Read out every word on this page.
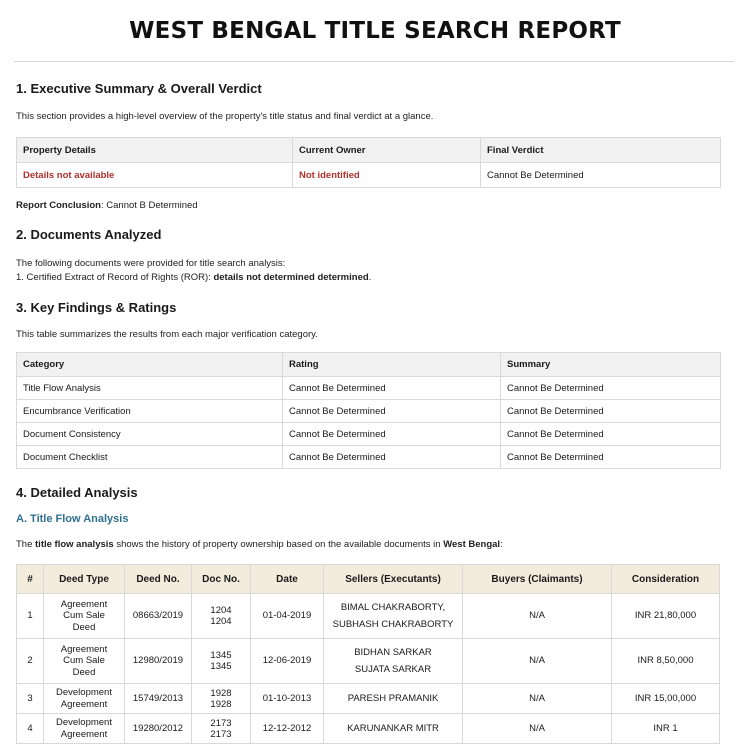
WEST BENGAL TITLE SEARCH REPORT
1. Executive Summary & Overall Verdict
This section provides a high-level overview of the property's title status and final verdict at a glance.
Property Details	Current Owner	Final Verdict
Details not available	Not identified	Cannot Be Determined
Report Conclusion: Cannot B Determined
2. Documents Analyzed
The following documents were provided for title search analysis:
1. Certified Extract of Record of Rights (ROR): details not determined determined.
3. Key Findings & Ratings
This table summarizes the results from each major verification category.
Category	Rating	Summary
Title Flow Analysis	Cannot Be Determined	Cannot Be Determined
Encumbrance Verification	Cannot Be Determined	Cannot Be Determined
Document Consistency	Cannot Be Determined	Cannot Be Determined
Document Checklist	Cannot Be Determined	Cannot Be Determined
4. Detailed Analysis
A. Title Flow Analysis
The title flow analysis shows the history of property ownership based on the available documents in West Bengal:
#	Deed Type	Deed No.	Doc No.	Date	Sellers (Executants)	Buyers (Claimants)	Consideration
1	Agreement
Cum Sale
Deed	08663/2019	1204
1204	01-04-2019	BIMAL CHAKRABORTY,
SUBHASH CHAKRABORTY	N/A	INR 21,80,000
2	Agreement
Cum Sale
Deed	12980/2019	1345
1345	12-06-2019	BIDHAN SARKAR
SUJATA SARKAR	N/A	INR 8,50,000
3	Development
Agreement	15749/2013	1928
1928	01-10-2013	PARESH PRAMANIK	N/A	INR 15,00,000
4	Development
Agreement	19280/2012	2173
2173	12-12-2012	KARUNANKAR MITR	N/A	INR 1
